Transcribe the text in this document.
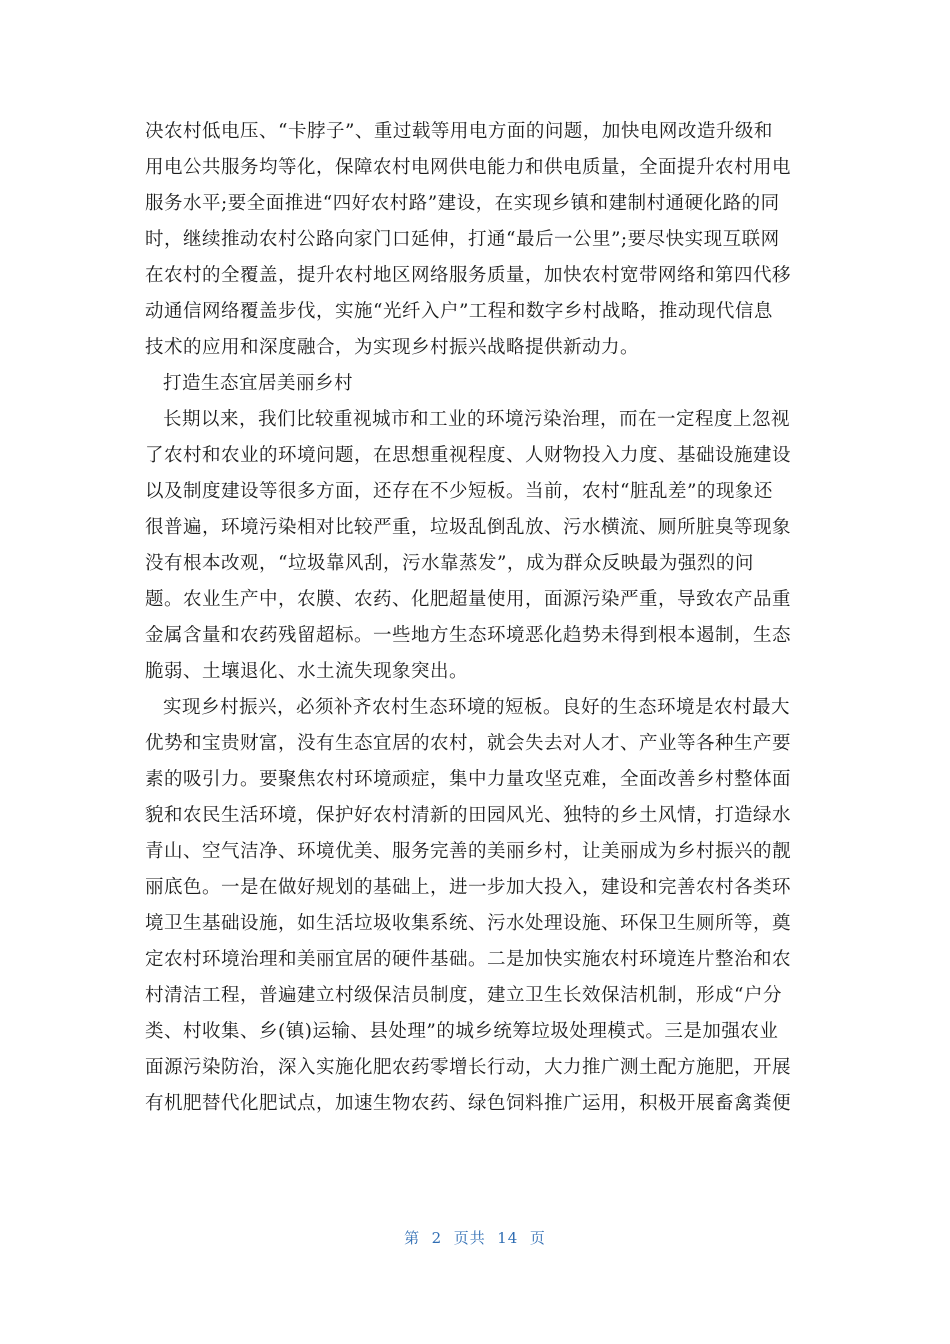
决农村低电压、“卡脖子”、重过载等用电方面的问题，加快电网改造升级和
用电公共服务均等化，保障农村电网供电能力和供电质量，全面提升农村用电
服务水平;要全面推进“四好农村路”建设，在实现乡镇和建制村通硬化路的同
时，继续推动农村公路向家门口延伸，打通“最后一公里”;要尽快实现互联网
在农村的全覆盖，提升农村地区网络服务质量，加快农村宽带网络和第四代移
动通信网络覆盖步伐，实施“光纤入户”工程和数字乡村战略，推动现代信息
技术的应用和深度融合，为实现乡村振兴战略提供新动力。
打造生态宜居美丽乡村
长期以来，我们比较重视城市和工业的环境污染治理，而在一定程度上忽视
了农村和农业的环境问题，在思想重视程度、人财物投入力度、基础设施建设
以及制度建设等很多方面，还存在不少短板。当前，农村“脏乱差”的现象还
很普遍，环境污染相对比较严重，垃圾乱倒乱放、污水横流、厕所脏臭等现象
没有根本改观，“垃圾靠风刮，污水靠蒸发”，成为群众反映最为强烈的问
题。农业生产中，农膜、农药、化肥超量使用，面源污染严重，导致农产品重
金属含量和农药残留超标。一些地方生态环境恶化趋势未得到根本遏制，生态
脆弱、土壤退化、水土流失现象突出。
实现乡村振兴，必须补齐农村生态环境的短板。良好的生态环境是农村最大
优势和宝贵财富，没有生态宜居的农村，就会失去对人才、产业等各种生产要
素的吸引力。要聚焦农村环境顽症，集中力量攻坚克难，全面改善乡村整体面
貌和农民生活环境，保护好农村清新的田园风光、独特的乡土风情，打造绿水
青山、空气洁净、环境优美、服务完善的美丽乡村，让美丽成为乡村振兴的靓
丽底色。一是在做好规划的基础上，进一步加大投入，建设和完善农村各类环
境卫生基础设施，如生活垃圾收集系统、污水处理设施、环保卫生厕所等，奠
定农村环境治理和美丽宜居的硬件基础。二是加快实施农村环境连片整治和农
村清洁工程，普遍建立村级保洁员制度，建立卫生长效保洁机制，形成“户分
类、村收集、乡(镇)运输、县处理”的城乡统筹垃圾处理模式。三是加强农业
面源污染防治，深入实施化肥农药零增长行动，大力推广测土配方施肥，开展
有机肥替代化肥试点，加速生物农药、绿色饲料推广运用，积极开展畜禽粪便
第  2  页共  14  页
